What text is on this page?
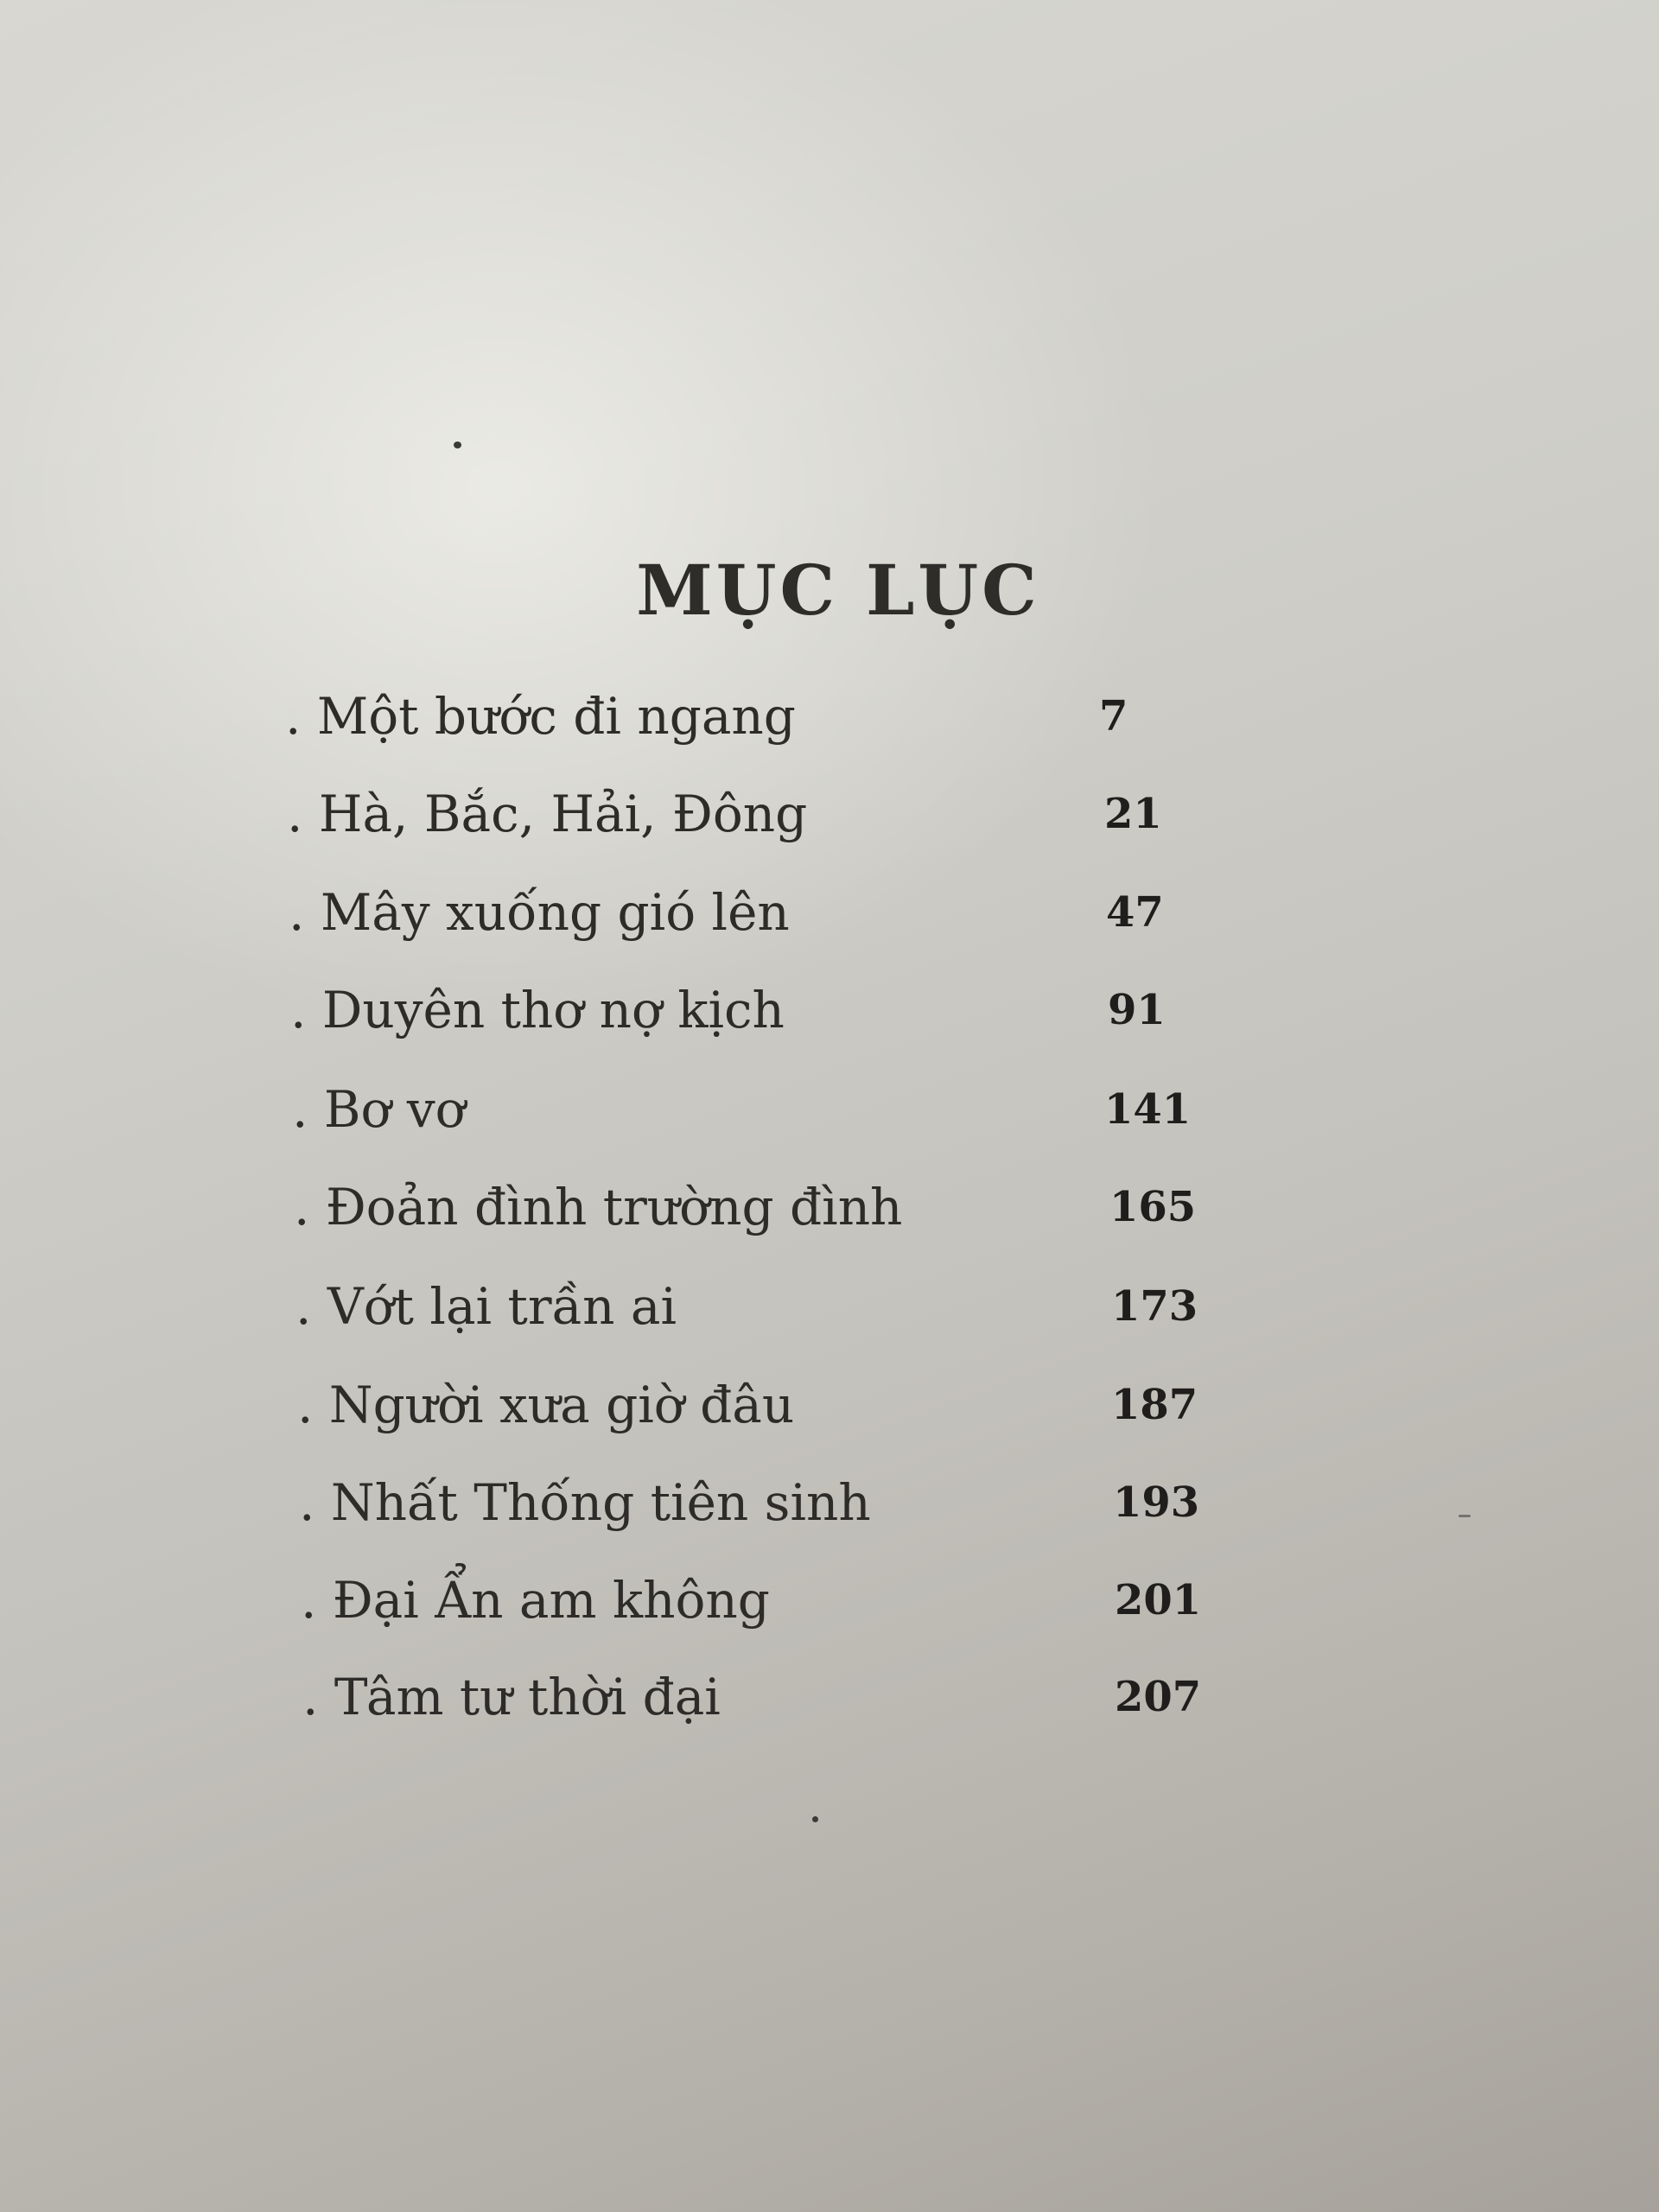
MỤC LỤC
. Một bước đi ngang	7
. Hà, Bắc, Hải, Đông	21
. Mây xuống gió lên	47
. Duyên thơ nợ kịch	91
. Bơ vơ	141
. Đoản đình trường đình	165
. Vớt lại trần ai	173
. Người xưa giờ đâu	187
. Nhất Thống tiên sinh	193
. Đại Ẩn am không	201
. Tâm tư thời đại	207
